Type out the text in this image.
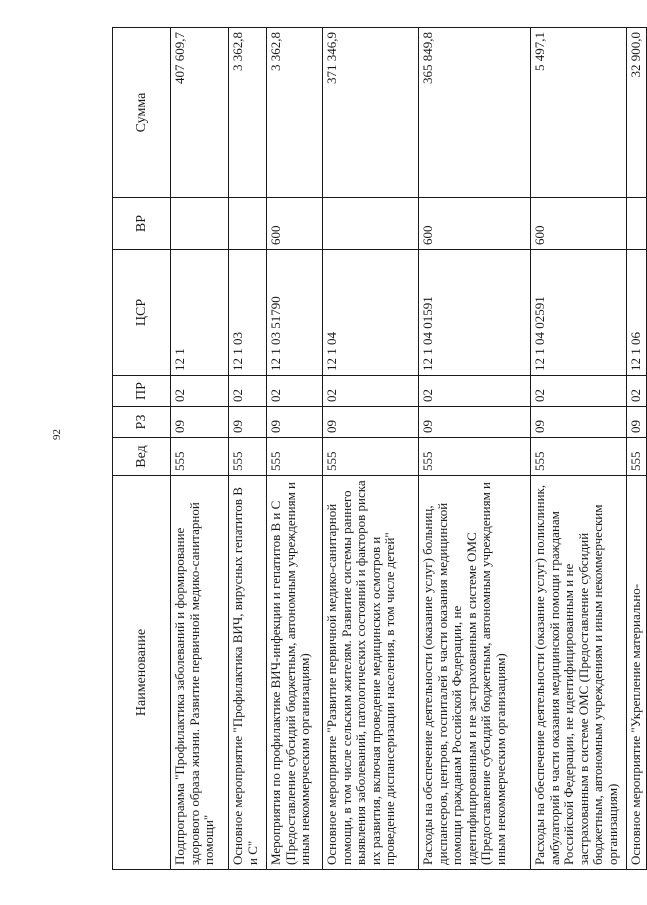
92
Наименование	Вед	РЗ	ПР	ЦСР	ВР	Сумма
Подпрограмма "Профилактика заболеваний и формирование здорового образа жизни. Развитие первичной медико-санитарной помощи"	555	09	02	12 1		407 609,7
Основное мероприятие "Профилактика ВИЧ, вирусных гепатитов В и С"	555	09	02	12 1 03		3 362,8
Мероприятия по профилактике ВИЧ-инфекции и гепатитов В и С (Предоставление субсидий бюджетным, автономным учреждениям и иным некоммерческим организациям)	555	09	02	12 1 03 51790	600	3 362,8
Основное мероприятие "Развитие первичной медико-санитарной помощи, в том числе сельским жителям. Развитие системы раннего выявления заболеваний, патологических состояний и факторов риска их развития, включая проведение медицинских осмотров и проведение диспансеризации населения, в том числе детей"	555	09	02	12 1 04		371 346,9
Расходы на обеспечение деятельности (оказание услуг) больниц, диспансеров, центров, госпиталей в части оказания медицинской помощи гражданам Российской Федерации, не идентифицированным и не застрахованным в системе ОМС (Предоставление субсидий бюджетным, автономным учреждениям и иным некоммерческим организациям)	555	09	02	12 1 04 01591	600	365 849,8
Расходы на обеспечение деятельности (оказание услуг) поликлиник, амбулаторий в части оказания медицинской помощи гражданам Российской Федерации, не идентифицированным и не застрахованным в системе ОМС (Предоставление субсидий бюджетным, автономным учреждениям и иным некоммерческим организациям)	555	09	02	12 1 04 02591	600	5 497,1
Основное мероприятие "Укрепление материально-	555	09	02	12 1 06		32 900,0
